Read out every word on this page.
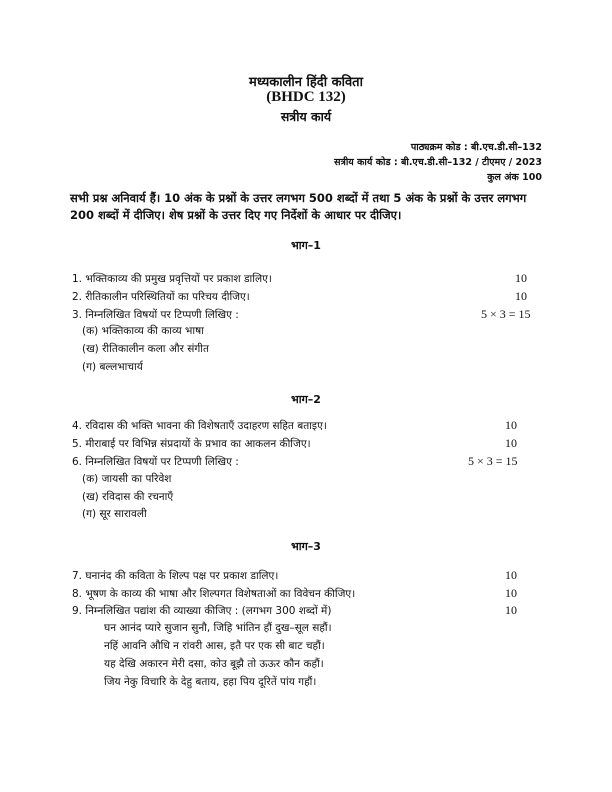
मध्यकालीन हिंदी कविता
(BHDC 132)
सत्रीय कार्य
पाठ्यक्रम कोड : बी.एच.डी.सी–132
सत्रीय कार्य कोड : बी.एच.डी.सी–132 / टीएमए / 2023
कुल अंक 100
सभी प्रश्न अनिवार्य हैं। 10 अंक के प्रश्नों के उत्तर लगभग 500 शब्दों में तथा 5 अंक के प्रश्नों के उत्तर लगभग 200 शब्दों में दीजिए। शेष प्रश्नों के उत्तर दिए गए निर्देशों के आधार पर दीजिए।
भाग–1
1. भक्तिकाव्य की प्रमुख प्रवृत्तियों पर प्रकाश डालिए।	10
2. रीतिकालीन परिस्थितियों का परिचय दीजिए।	10
3. निम्नलिखित विषयों पर टिप्पणी लिखिए :	5 × 3 = 15
(क) भक्तिकाव्य की काव्य भाषा
(ख) रीतिकालीन कला और संगीत
(ग) बल्लभाचार्य
भाग–2
4. रविदास की भक्ति भावना की विशेषताएँ उदाहरण सहित बताइए।	10
5. मीराबाई पर विभिन्न संप्रदायों के प्रभाव का आकलन कीजिए।	10
6. निम्नलिखित विषयों पर टिप्पणी लिखिए :	5 × 3 = 15
(क) जायसी का परिवेश
(ख) रविदास की रचनाएँ
(ग) सूर सारावली
भाग–3
7. घनानंद की कविता के शिल्प पक्ष पर प्रकाश डालिए।	10
8. भूषण के काव्य की भाषा और शिल्पगत विशेषताओं का विवेचन कीजिए।	10
9. निम्नलिखित पद्यांश की व्याख्या कीजिए : (लगभग 300 शब्दों में)	10
घन आनंद प्यारे सुजान सुनौ, जिहि भांतिन हौं दुख–सूल सहौं।
नहिं आवनि औधि न रांवरी आस, इतै पर एक सी बाट चहौं।
यह देखि अकारन मेरी दसा, कोउ बूझै तो ऊऊर कौन कहौं।
जिय नेकु विचारि के देहु बताय, हहा पिय दूरितें पांय गहौं।
